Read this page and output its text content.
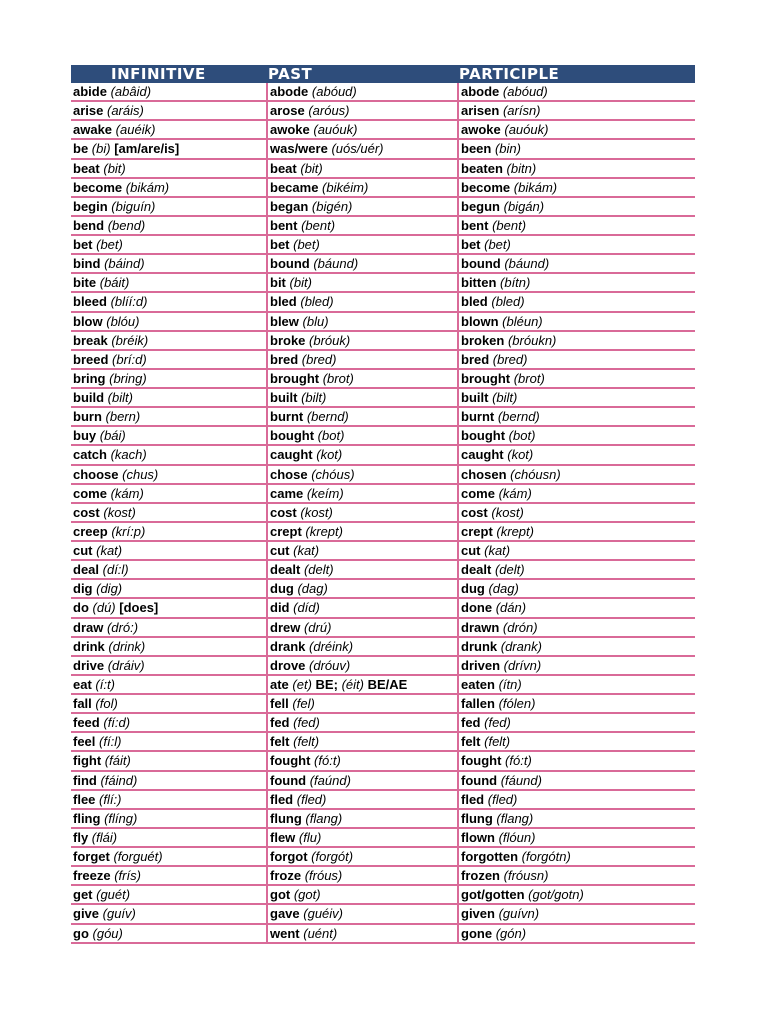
INFINITIVE	PAST	PARTICIPLE
abide (abâid)	abode (abóud)	abode (abóud)
arise (aráis)	arose (aróus)	arisen (arísn)
awake (auéik)	awoke (auóuk)	awoke (auóuk)
be (bi) [am/are/is]	was/were (uós/uér)	been (bin)
beat (bit)	beat (bit)	beaten (bitn)
become (bikám)	became (bikéim)	become (bikám)
begin (biguín)	began (bigén)	begun (bigán)
bend (bend)	bent (bent)	bent (bent)
bet (bet)	bet (bet)	bet (bet)
bind (báind)	bound (báund)	bound (báund)
bite (báit)	bit (bit)	bitten (bítn)
bleed (blíí:d)	bled (bled)	bled (bled)
blow (blóu)	blew (blu)	blown (bléun)
break (bréik)	broke (bróuk)	broken (bróukn)
breed (brí:d)	bred (bred)	bred (bred)
bring (bring)	brought (brot)	brought (brot)
build (bilt)	built (bilt)	built (bilt)
burn (bern)	burnt (bernd)	burnt (bernd)
buy (bái)	bought (bot)	bought (bot)
catch (kach)	caught (kot)	caught (kot)
choose (chus)	chose (chóus)	chosen (chóusn)
come (kám)	came (keím)	come (kám)
cost (kost)	cost (kost)	cost (kost)
creep (krí:p)	crept (krept)	crept (krept)
cut (kat)	cut (kat)	cut (kat)
deal (dí:l)	dealt (delt)	dealt (delt)
dig (dig)	dug (dag)	dug (dag)
do (dú) [does]	did (díd)	done (dán)
draw (dró:)	drew (drú)	drawn (drón)
drink (drink)	drank (dréink)	drunk (drank)
drive (dráiv)	drove (dróuv)	driven (drívn)
eat (í:t)	ate (et) BE; (éit) BE/AE	eaten (ítn)
fall (fol)	fell (fel)	fallen (fólen)
feed (fí:d)	fed (fed)	fed (fed)
feel (fí:l)	felt (felt)	felt (felt)
fight (fáit)	fought (fó:t)	fought (fó:t)
find (fáind)	found (faúnd)	found (fáund)
flee (flí:)	fled (fled)	fled (fled)
fling (flíng)	flung (flang)	flung (flang)
fly (flái)	flew (flu)	flown (flóun)
forget (forguét)	forgot (forgót)	forgotten (forgótn)
freeze (frís)	froze (fróus)	frozen (fróusn)
get (guét)	got (got)	got/gotten (got/gotn)
give (guív)	gave (guéiv)	given (guívn)
go (góu)	went (uént)	gone (gón)
